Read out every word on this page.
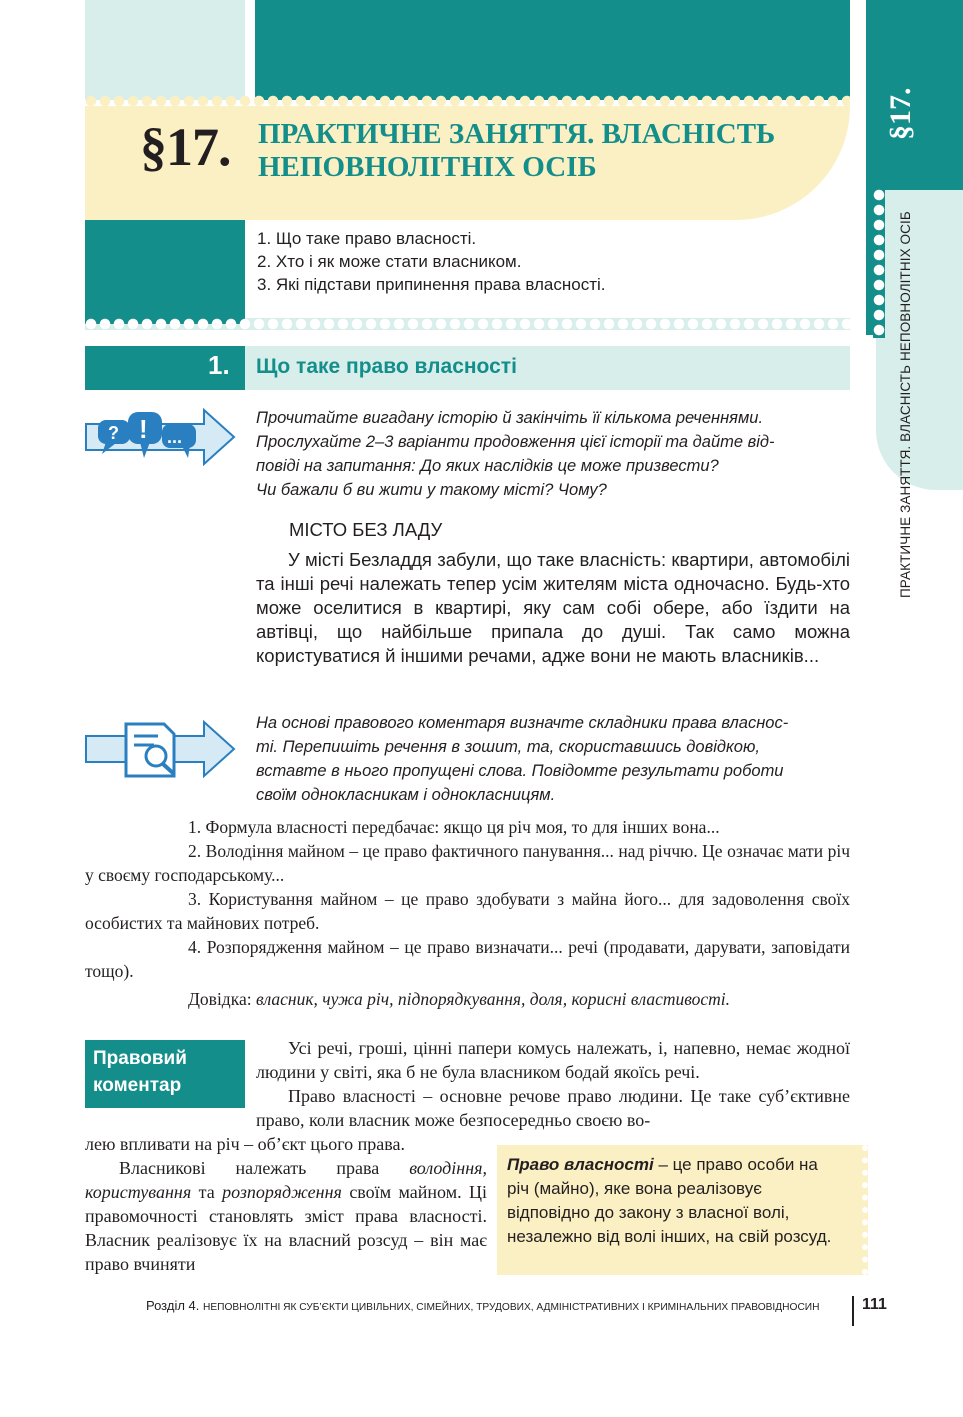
§17. ПРАКТИЧНЕ ЗАНЯТТЯ. ВЛАСНІСТЬ
НЕПОВНОЛІТНІХ ОСІБ
1. Що таке право власності.
2. Хто і як може стати власником.
3. Які підстави припинення права власності.
§17.
ПРАКТИЧНЕ ЗАНЯТТЯ. ВЛАСНІСТЬ НЕПОВНОЛІТНІХ ОСІБ
1. Що таке право власності
? ! ...
Прочитайте вигадану історію й закінчіть її кількома реченнями.
Прослухайте 2–3 варіанти продовження цієї історії та дайте від-
повіді на запитання: До яких наслідків це може призвести?
Чи бажали б ви жити у такому місті? Чому?
МІСТО БЕЗ ЛАДУ
У місті Безладдя забули, що таке власність: квартири, автомобілі та інші речі належать тепер усім жителям міста одночасно. Будь-хто може оселитися в квартирі, яку сам собі обере, або їздити на автівці, що найбільше припала до душі. Так само можна користуватися й іншими речами, адже вони не мають власників...
На основі правового коментаря визначте складники права власнос-
ті. Перепишіть речення в зошит, та, скориставшись довідкою,
вставте в нього пропущені слова. Повідомте результати роботи
своїм однокласникам і однокласницям.
1. Формула власності передбачає: якщо ця річ моя, то для інших вона...
2. Володіння майном – це право фактичного панування... над річчю. Це означає мати річ у своєму господарському...
3. Користування майном – це право здобувати з майна його... для задоволення своїх особистих та майнових потреб.
4. Розпорядження майном – це право визначати... речі (продавати, дарувати, заповідати тощо).
Довідка: власник, чужа річ, підпорядкування, доля, корисні властивості.
Правовий
коментар
Усі речі, гроші, цінні папери комусь належать, і, напевно, немає жодної людини у світі, яка б не була власником бодай якоїсь речі.
Право власності – основне речове право людини. Це таке суб’єктивне право, коли власник може безпосередньо своєю во-
лею впливати на річ – об’єкт цього права.
Власникові належать права володіння, користування та розпорядження своїм майном. Ці правомочності становлять зміст права власності. Власник реалізовує їх на власний розсуд – він має право вчиняти
Право власності – це право особи на річ (майно), яке вона реалізовує відповідно до закону з власної волі, незалежно від волі інших, на свій розсуд.
Розділ 4. НЕПОВНОЛІТНІ ЯК СУБ’ЄКТИ ЦИВІЛЬНИХ, СІМЕЙНИХ, ТРУДОВИХ, АДМІНІСТРАТИВНИХ І КРИМІНАЛЬНИХ ПРАВОВІДНОСИН	111
